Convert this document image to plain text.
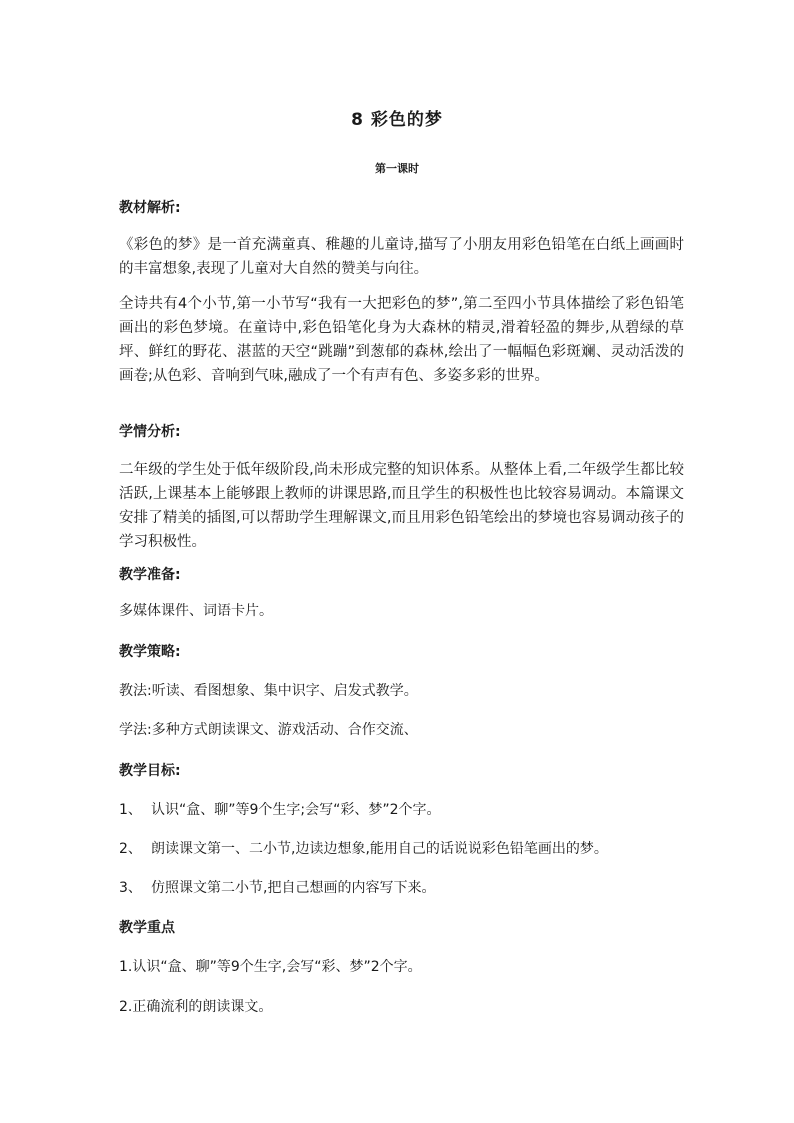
8 彩色的梦
第一课时
教材解析:
《彩色的梦》是一首充满童真、稚趣的儿童诗,描写了小朋友用彩色铅笔在白纸上画画时的丰富想象,表现了儿童对大自然的赞美与向往。
全诗共有4个小节,第一小节写“我有一大把彩色的梦”,第二至四小节具体描绘了彩色铅笔画出的彩色梦境。在童诗中,彩色铅笔化身为大森林的精灵,滑着轻盈的舞步,从碧绿的草坪、鲜红的野花、湛蓝的天空“跳蹦”到葱郁的森林,绘出了一幅幅色彩斑斓、灵动活泼的画卷;从色彩、音响到气味,融成了一个有声有色、多姿多彩的世界。
学情分析:
二年级的学生处于低年级阶段,尚未形成完整的知识体系。从整体上看,二年级学生都比较活跃,上课基本上能够跟上教师的讲课思路,而且学生的积极性也比较容易调动。本篇课文安排了精美的插图,可以帮助学生理解课文,而且用彩色铅笔绘出的梦境也容易调动孩子的学习积极性。
教学准备:
多媒体课件、词语卡片。
教学策略:
教法:听读、看图想象、集中识字、启发式教学。
学法:多种方式朗读课文、游戏活动、合作交流、
教学目标:
1、 认识“盒、聊”等9个生字;会写“彩、梦”2个字。
2、 朗读课文第一、二小节,边读边想象,能用自己的话说说彩色铅笔画出的梦。
3、 仿照课文第二小节,把自己想画的内容写下来。
教学重点
1.认识“盒、聊”等9个生字,会写“彩、梦”2个字。
2.正确流利的朗读课文。
